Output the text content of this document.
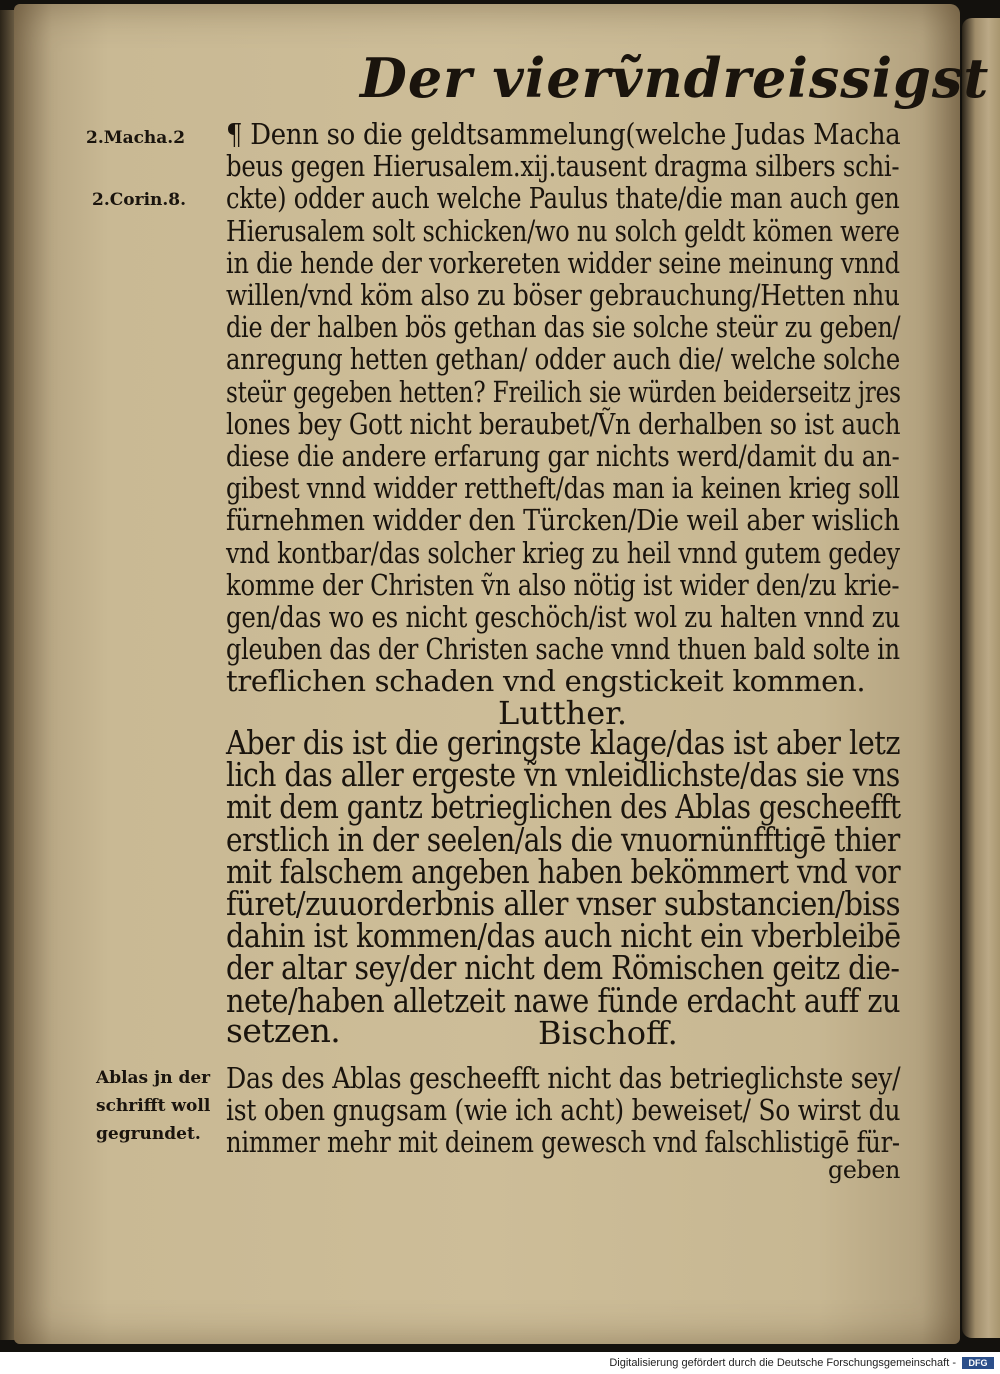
Der vierṽndreissigst
2.Macha.2
2.Corin.8.
¶ Denn so die geldtsammelung(welche Judas Macha
beus gegen Hierusalem.xij.tausent dragma silbers schi-
ckte) odder auch welche Paulus thate/die man auch gen
Hierusalem solt schicken/wo nu solch geldt kömen were
in die hende der vorkereten widder seine meinung vnnd
willen/vnd köm also zu böser gebrauchung/Hetten nhu
die der halben bös gethan das sie solche steür zu geben/
anregung hetten gethan/ odder auch die/ welche solche
steür gegeben hetten? Freilich sie würden beiderseitz jres
lones bey Gott nicht beraubet/Ṽn derhalben so ist auch
diese die andere erfarung gar nichts werd/damit du an-
gibest vnnd widder rettheft/das man ia keinen krieg soll
fürnehmen widder den Türcken/Die weil aber wislich
vnd kontbar/das solcher krieg zu heil vnnd gutem gedey
komme der Christen ṽn also nötig ist wider den/zu krie-
gen/das wo es nicht geschöch/ist wol zu halten vnnd zu
gleuben das der Christen sache vnnd thuen bald solte in
treflichen schaden vnd engstickeit kommen.
Lutther.
Aber dis ist die geringste klage/das ist aber letz
lich das aller ergeste ṽn vnleidlichste/das sie vns
mit dem gantz betrieglichen des Ablas gescheefft
erstlich in der seelen/als die vnuornünfftigē thier
mit falschem angeben haben bekömmert vnd vor
füret/zuuorderbnis aller vnser substancien/biss
dahin ist kommen/das auch nicht ein vberbleibē
der altar sey/der nicht dem Römischen geitz die-
nete/haben alletzeit nawe fünde erdacht auff zu
setzen.	Bischoff.
Ablas jn der
schrifft woll
gegrundet.
Das des Ablas gescheefft nicht das betrieglichste sey/
ist oben gnugsam (wie ich acht) beweiset/ So wirst du
nimmer mehr mit deinem gewesch vnd falschlistigē für-
geben
Digitalisierung gefördert durch die Deutsche Forschungsgemeinschaft -	DFG
